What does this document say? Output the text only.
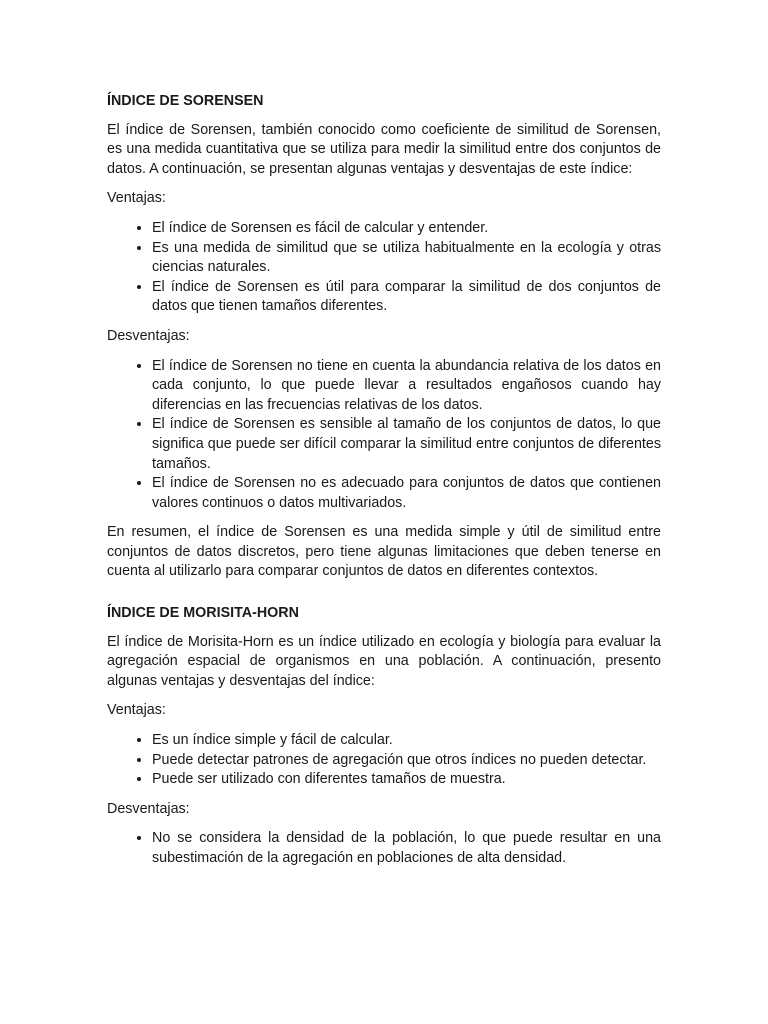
ÍNDICE DE SORENSEN

El índice de Sorensen, también conocido como coeficiente de similitud de Sorensen, es una medida cuantitativa que se utiliza para medir la similitud entre dos conjuntos de datos. A continuación, se presentan algunas ventajas y desventajas de este índice:

Ventajas:
• El índice de Sorensen es fácil de calcular y entender.
• Es una medida de similitud que se utiliza habitualmente en la ecología y otras ciencias naturales.
• El índice de Sorensen es útil para comparar la similitud de dos conjuntos de datos que tienen tamaños diferentes.
Desventajas:
• El índice de Sorensen no tiene en cuenta la abundancia relativa de los datos en cada conjunto, lo que puede llevar a resultados engañosos cuando hay diferencias en las frecuencias relativas de los datos.
• El índice de Sorensen es sensible al tamaño de los conjuntos de datos, lo que significa que puede ser difícil comparar la similitud entre conjuntos de diferentes tamaños.
• El índice de Sorensen no es adecuado para conjuntos de datos que contienen valores continuos o datos multivariados.

En resumen, el índice de Sorensen es una medida simple y útil de similitud entre conjuntos de datos discretos, pero tiene algunas limitaciones que deben tenerse en cuenta al utilizarlo para comparar conjuntos de datos en diferentes contextos.

ÍNDICE DE MORISITA-HORN

El índice de Morisita-Horn es un índice utilizado en ecología y biología para evaluar la agregación espacial de organismos en una población. A continuación, presento algunas ventajas y desventajas del índice:

Ventajas:
• Es un índice simple y fácil de calcular.
• Puede detectar patrones de agregación que otros índices no pueden detectar.
• Puede ser utilizado con diferentes tamaños de muestra.
Desventajas:
• No se considera la densidad de la población, lo que puede resultar en una subestimación de la agregación en poblaciones de alta densidad.
